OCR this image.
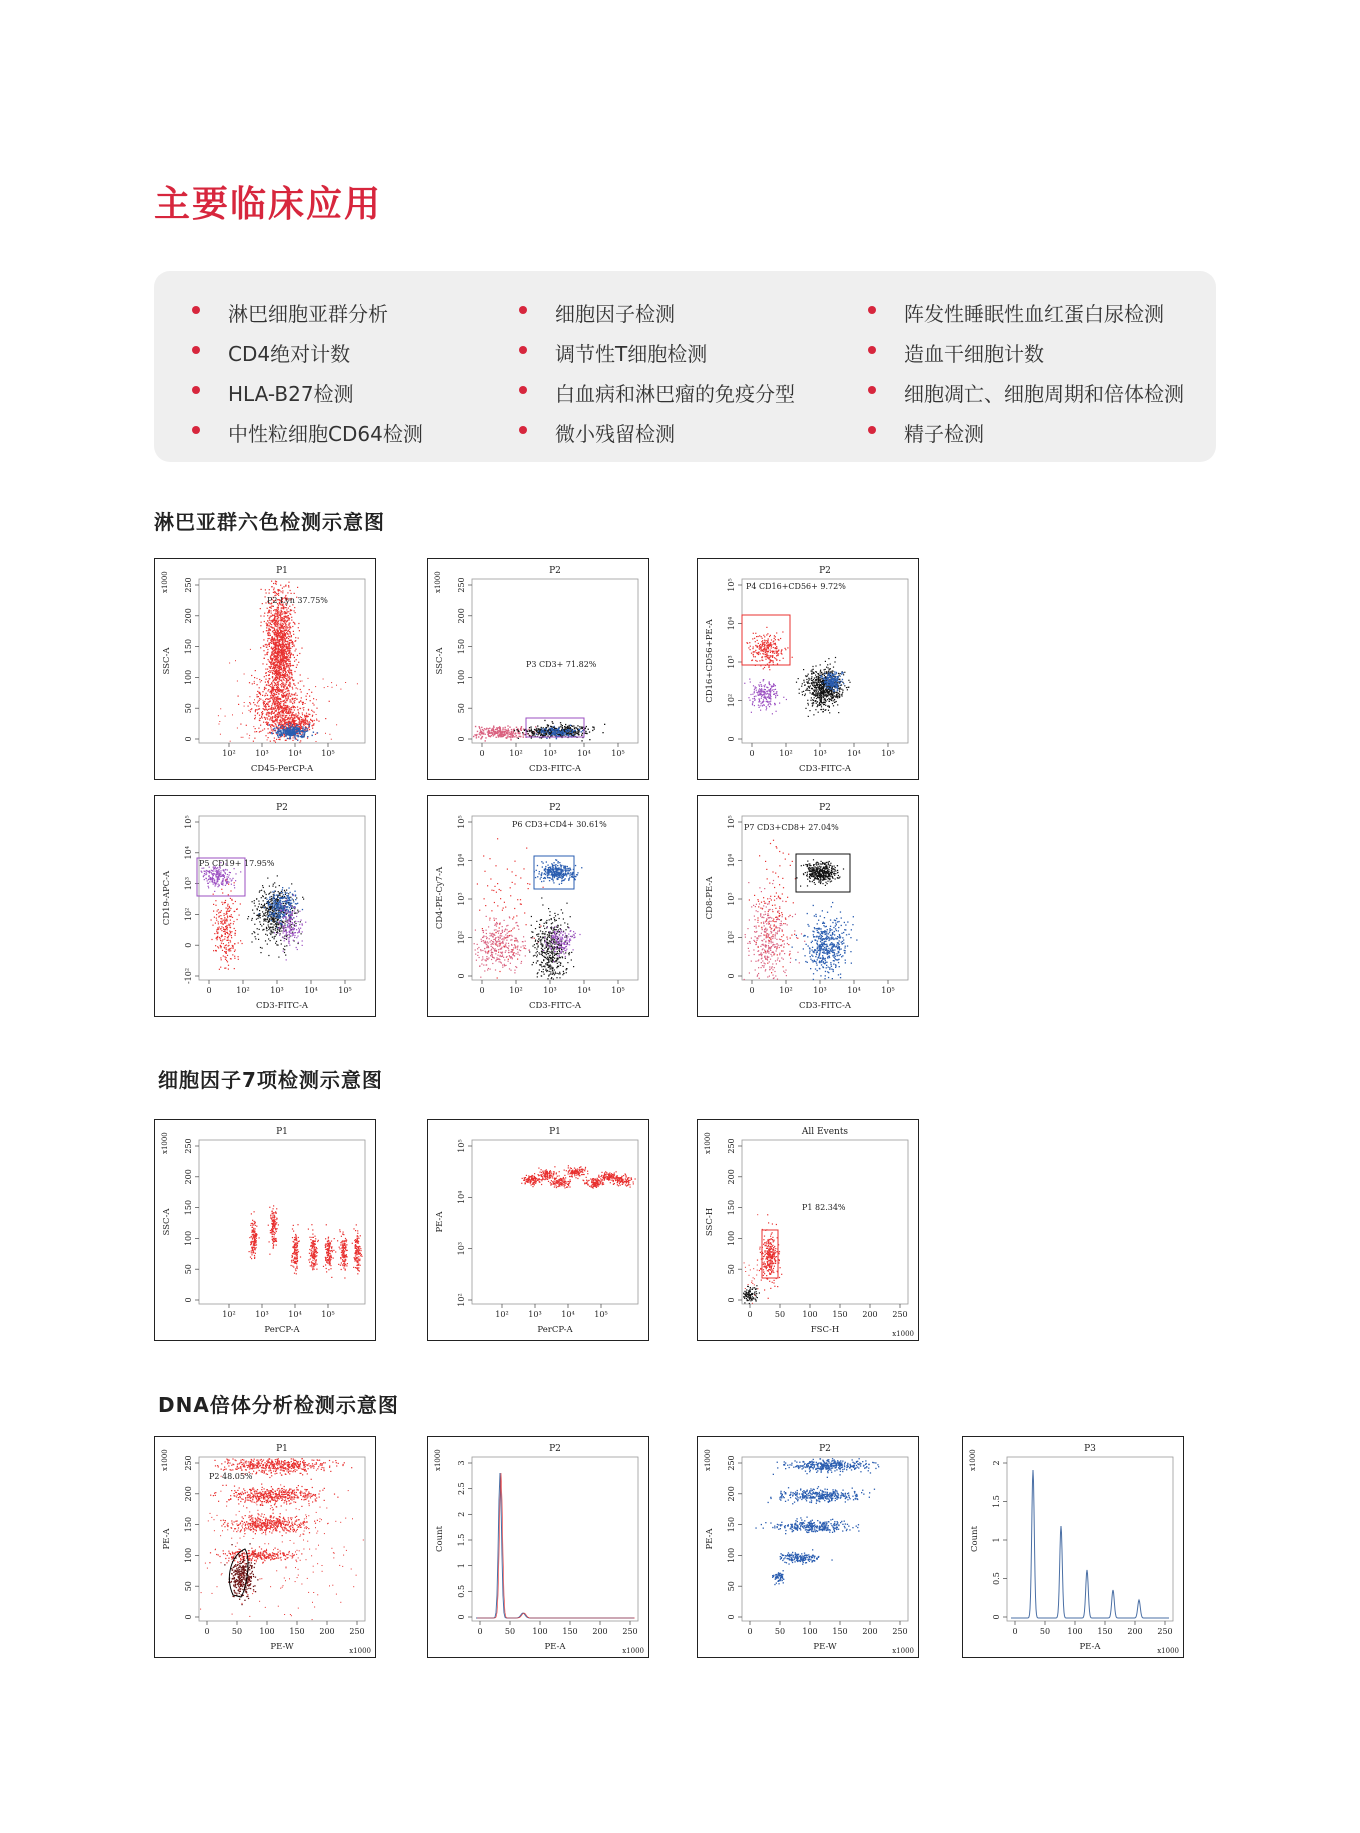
主要临床应用
淋巴细胞亚群分析
CD4绝对计数
HLA-B27检测
中性粒细胞CD64检测
细胞因子检测
调节性T细胞检测
白血病和淋巴瘤的免疫分型
微小残留检测
阵发性睡眠性血红蛋白尿检测
造血干细胞计数
细胞凋亡、细胞周期和倍体检测
精子检测
淋巴亚群六色检测示意图
细胞因子7项检测示意图
DNA倍体分析检测示意图
P1
CD45-PerCP-A
SSC-A
x1000
0
50
100
150
200
250
10² 10³ 10⁴ 10⁵
P2 Lyn 37.75%
P2
CD3-FITC-A
SSC-A
x1000
0
50
100
150
200
250
0	10²	10³	10⁴	10⁵
P3 CD3+ 71.82%
P2
CD3-FITC-A
CD16+CD56+PE-A
0
10²
10³
10⁴
10⁵
0	10²	10³	10⁴	10⁵
P4 CD16+CD56+ 9.72%
P2
CD3-FITC-A
CD19-APC-A
-10²
0
10²
10³
10⁴
10⁵
0	10²	10³	10⁴	10⁵
P5 CD19+ 17.95%
P2
CD3-FITC-A
CD4-PE-Cy7-A
0
10²
10³
10⁴
10⁵
0	10²	10³	10⁴	10⁵
P6 CD3+CD4+ 30.61%
P2
CD3-FITC-A
CD8-PE-A
0
10²
10³
10⁴
10⁵
0	10²	10³	10⁴	10⁵
P7 CD3+CD8+ 27.04%
P1
PerCP-A
SSC-A
x1000
0
50
100
150
200
250
10² 10³ 10⁴ 10⁵
P1
PerCP-A
PE-A
10²
10³
10⁴
10⁵
10² 10³ 10⁴ 10⁵
All Events
FSC-H
SSC-H
x1000
x1000
0
50
100
150
200
250
0	50 100 150 200 250
P1 82.34%
P1
PE-W
PE-A
x1000
x1000
0
50
100
150
200
250
0	50 100 150 200 250
P2 48.05%
P2
PE-A
Count
x1000
x1000
0
0.5
1
1.5
2
2.5
3
0	50 100 150 200 250
P2
PE-W
PE-A
x1000
x1000
0
50
100
150
200
250
0	50 100 150 200 250
P3
PE-A
Count
x1000
x1000
0
0.5
1
1.5
2
0	50 100 150 200 250
